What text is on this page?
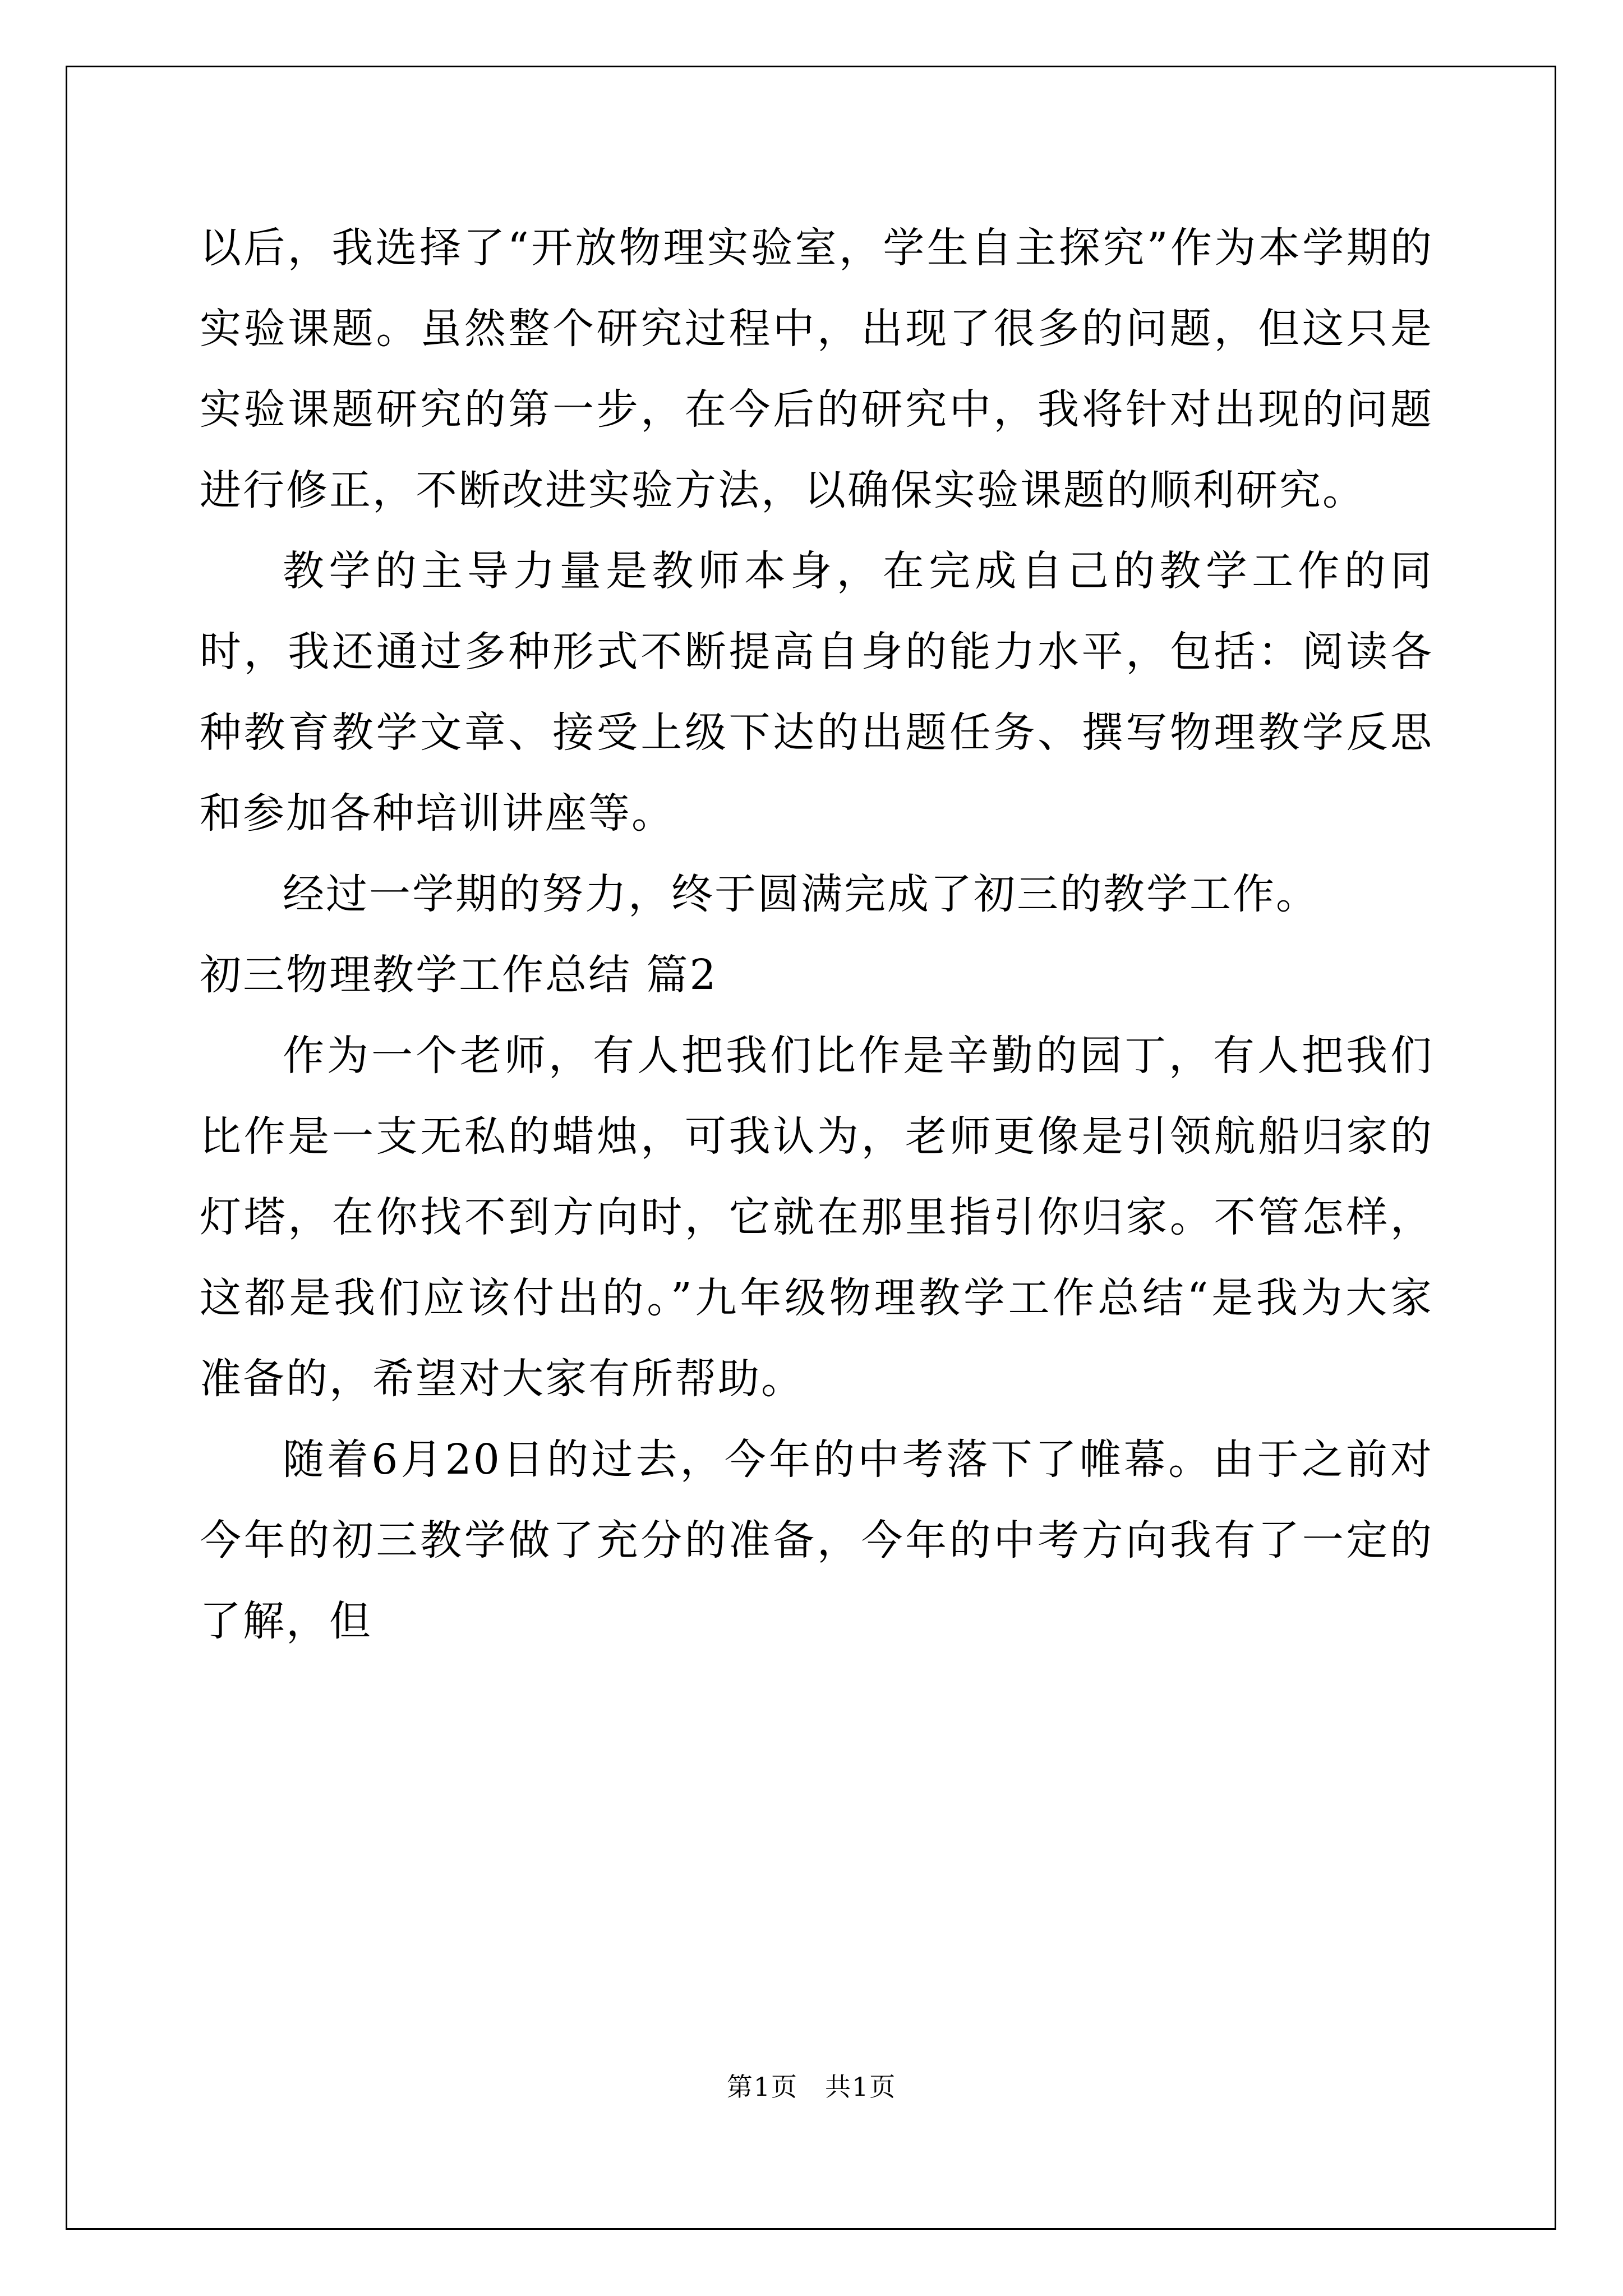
以后，我选择了“开放物理实验室，学生自主探究”作为本学期的实验课题。虽然整个研究过程中，出现了很多的问题，但这只是实验课题研究的第一步，在今后的研究中，我将针对出现的问题进行修正，不断改进实验方法，以确保实验课题的顺利研究。

教学的主导力量是教师本身，在完成自己的教学工作的同时，我还通过多种形式不断提高自身的能力水平，包括：阅读各种教育教学文章、接受上级下达的出题任务、撰写物理教学反思和参加各种培训讲座等。

经过一学期的努力，终于圆满完成了初三的教学工作。

初三物理教学工作总结 篇2

作为一个老师，有人把我们比作是辛勤的园丁，有人把我们比作是一支无私的蜡烛，可我认为，老师更像是引领航船归家的灯塔，在你找不到方向时，它就在那里指引你归家。不管怎样，这都是我们应该付出的。”九年级物理教学工作总结“是我为大家准备的，希望对大家有所帮助。

随着6月20日的过去，今年的中考落下了帷幕。由于之前对今年的初三教学做了充分的准备，今年的中考方向我有了一定的了解，但

第1页　共1页
